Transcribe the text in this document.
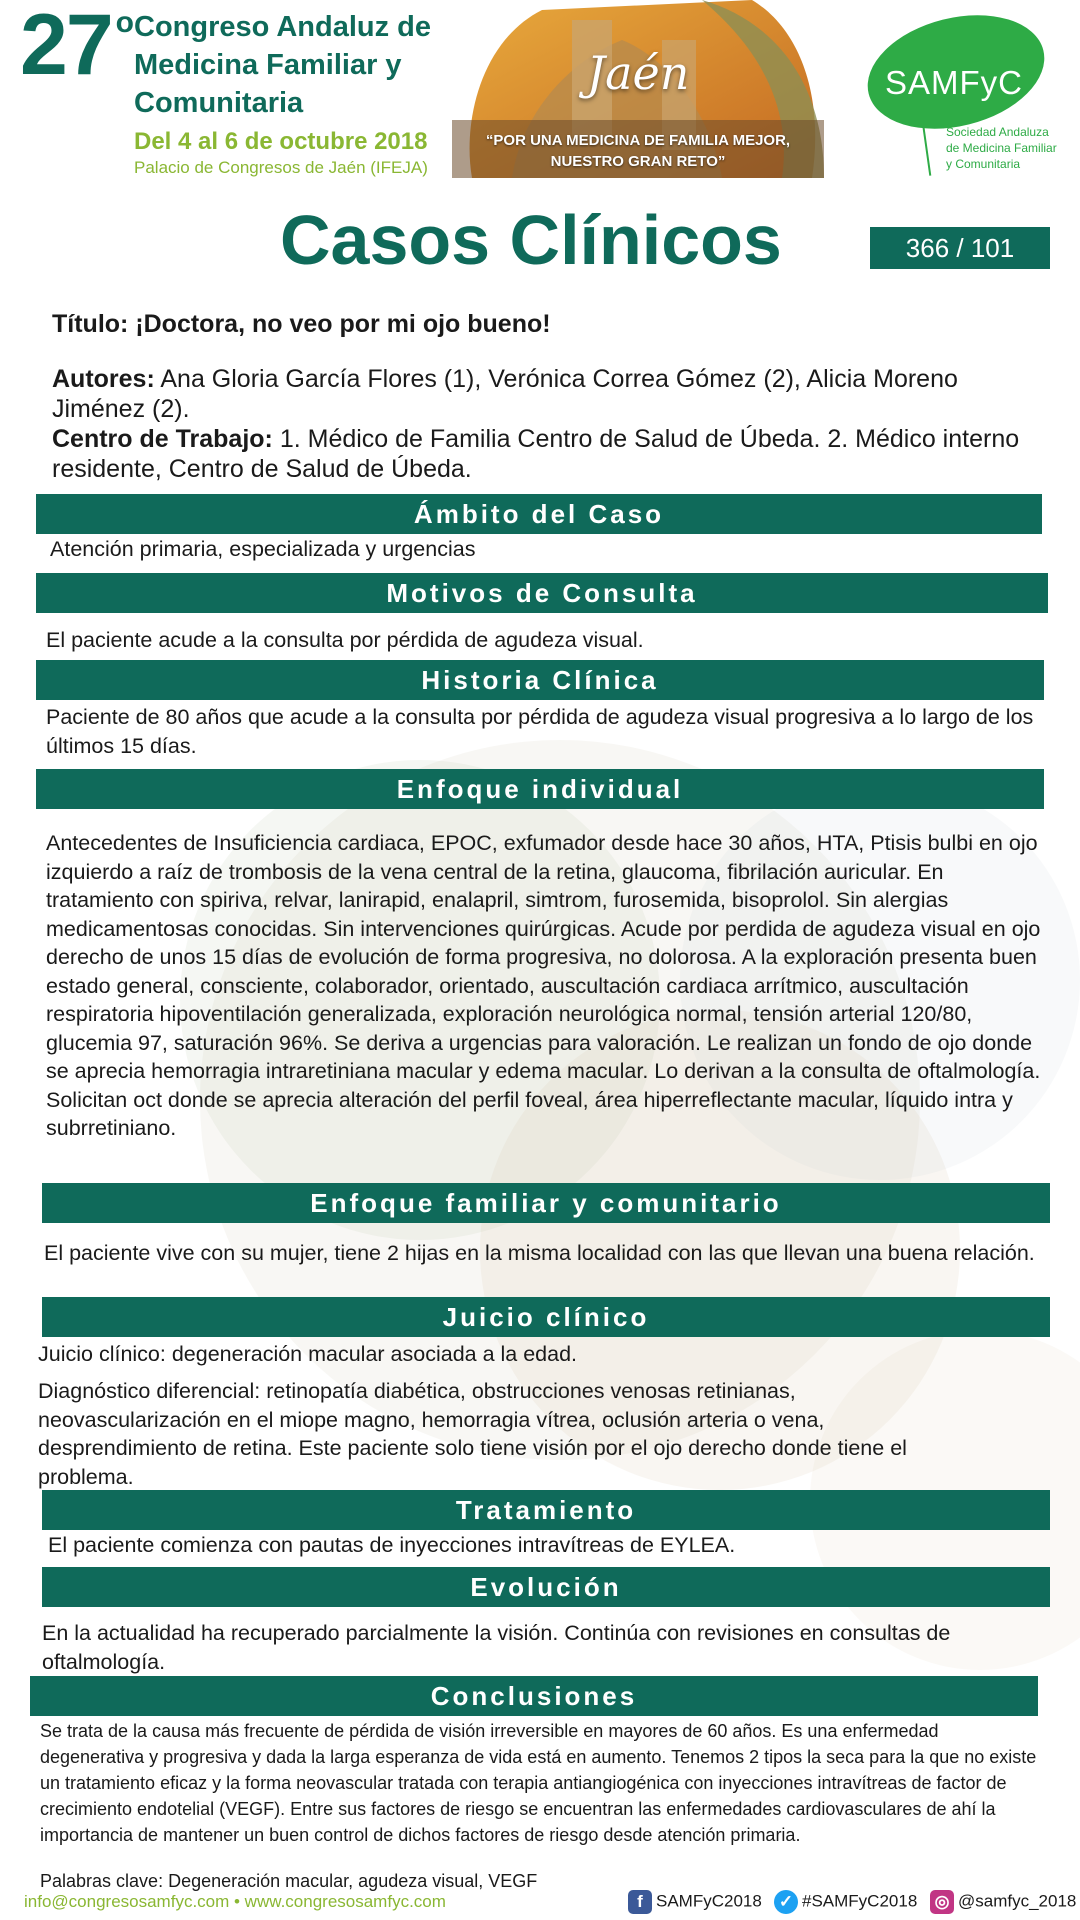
27 $^o$ Congreso Andaluz de
Medicina Familiar y
Comunitaria
Del 4 al 6 de octubre 2018
Palacio de Congresos de Jaén (IFEJA)
Jaén
“POR UNA MEDICINA DE FAMILIA MEJOR,
NUESTRO GRAN RETO”
SAMFyC
Sociedad Andaluza
de Medicina Familiar
y Comunitaria
Casos Clínicos	366 / 101
Título: ¡Doctora, no veo por mi ojo bueno!
Autores: Ana Gloria García Flores (1), Verónica Correa Gómez (2), Alicia Moreno Jiménez (2).
Centro de Trabajo: 1. Médico de Familia Centro de Salud de Úbeda. 2. Médico interno residente, Centro de Salud de Úbeda.
Ámbito del Caso
Atención primaria, especializada y urgencias
Motivos de Consulta
El paciente acude a la consulta por pérdida de agudeza visual.
Historia Clínica
Paciente de 80 años que acude a la consulta por pérdida de agudeza visual progresiva a lo largo de los últimos 15 días.
Enfoque individual
Antecedentes de Insuficiencia cardiaca, EPOC, exfumador desde hace 30 años, HTA, Ptisis bulbi en ojo izquierdo a raíz de trombosis de la vena central de la retina, glaucoma, fibrilación auricular. En tratamiento con spiriva, relvar, lanirapid, enalapril, simtrom, furosemida, bisoprolol. Sin alergias medicamentosas conocidas. Sin intervenciones quirúrgicas. Acude por perdida de agudeza visual en ojo derecho de unos 15 días de evolución de forma progresiva, no dolorosa. A la exploración presenta buen estado general, consciente, colaborador, orientado, auscultación cardiaca arrítmico, auscultación respiratoria hipoventilación generalizada, exploración neurológica normal, tensión arterial 120/80, glucemia 97, saturación 96%. Se deriva a urgencias para valoración. Le realizan un fondo de ojo donde se aprecia hemorragia intraretiniana macular y edema macular. Lo derivan a la consulta de oftalmología. Solicitan oct donde se aprecia alteración del perfil foveal, área hiperreflectante macular, líquido intra y subrretiniano.
Enfoque familiar y comunitario
El paciente vive con su mujer, tiene 2 hijas en la misma localidad con las que llevan una buena relación.
Juicio clínico
Juicio clínico: degeneración macular asociada a la edad.
Diagnóstico diferencial: retinopatía diabética, obstrucciones venosas retinianas, neovascularización en el miope magno, hemorragia vítrea, oclusión arteria o vena, desprendimiento de retina. Este paciente solo tiene visión por el ojo derecho donde tiene el problema.
Tratamiento
El paciente comienza con pautas de inyecciones intravítreas de EYLEA.
Evolución
En la actualidad ha recuperado parcialmente la visión. Continúa con revisiones en consultas de oftalmología.
Conclusiones
Se trata de la causa más frecuente de pérdida de visión irreversible en mayores de 60 años. Es una enfermedad degenerativa y progresiva y dada la larga esperanza de vida está en aumento. Tenemos 2 tipos la seca para la que no existe un tratamiento eficaz y la forma neovascular tratada con terapia antiangiogénica con inyecciones intravítreas de factor de crecimiento endotelial (VEGF). Entre sus factores de riesgo se encuentran las enfermedades cardiovasculares de ahí la importancia de mantener un buen control de dichos factores de riesgo desde atención primaria.
Palabras clave: Degeneración macular, agudeza visual, VEGF
info@congresosamfyc.com • www.congresosamfyc.com	f SAMFyC2018 ✓ #SAMFyC2018 ◎ @samfyc_2018
